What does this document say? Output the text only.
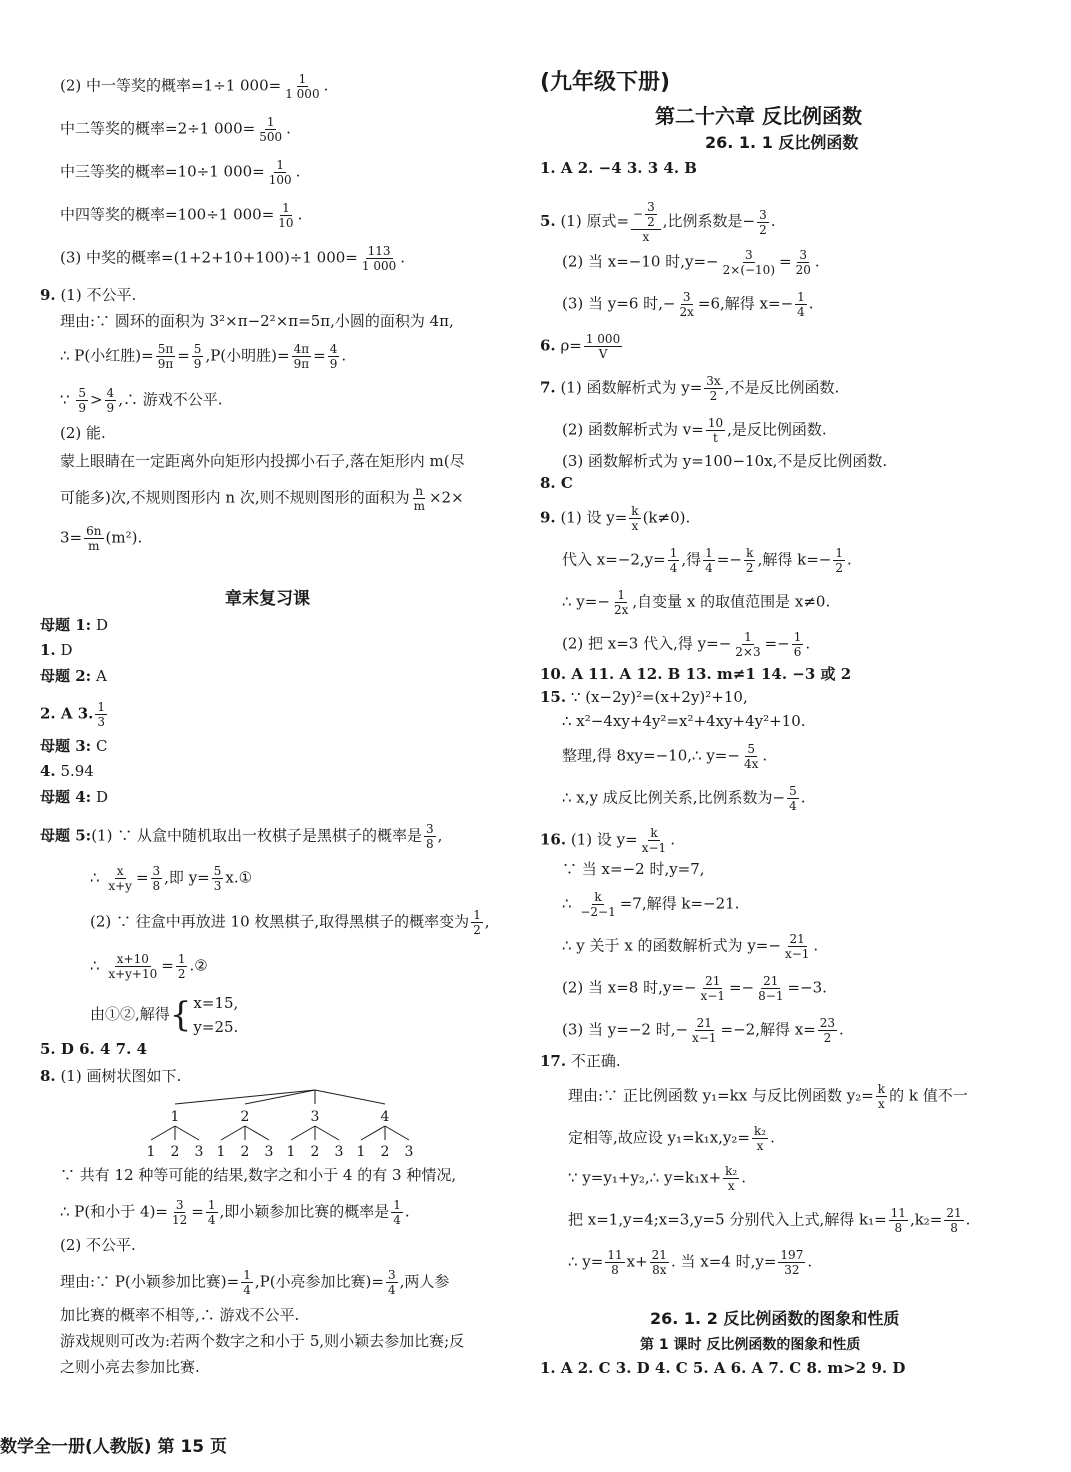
(2) 中一等奖的概率=1÷1 $000= \frac{1}{1 000}$ .
中二等奖的概率=2÷1 $000= \frac{1}{500}$ .
中三等奖的概率=10÷1 $000= \frac{1}{100}$ .
中四等奖的概率=100÷1 $000= \frac{1}{10}$ .
(3) 中奖的概率=(1+2+10+100)÷1 $000= \frac{113}{1 000}$ .
9. (1) 不公平.
理由:∵ 圆环的面积为 3²×π−2²×π=5π,小圆的面积为 4π,
∴ P(小红胜)= $\frac{5\pi}{9\pi} = \frac{5}{9} ,P$(小明胜)= $\frac{4\pi}{9\pi} = \frac{4}{9}$ .
∵ $\frac{5}{9} > \frac{4}{9}$ ,∴ 游戏不公平.
(2) 能.
蒙上眼睛在一定距离外向矩形内投掷小石子,落在矩形内 m(尽
可能多)次,不规则图形内 n 次,则不规则图形的面积为 $\frac{n}{m} \times 2\times$
$3= \frac{6n}{m} (m^2)$.
章末复习课
母题 1: D
1. D
母题 2: A
2. A 3. $\frac{1}{3}$
母题 3: C
4. 5.94
母题 4: D
母题 5:(1) ∵ 从盒中随机取出一枚棋子是黑棋子的概率是 $\frac{3}{8}$ ,
∴ $\frac{x}{x+y} = \frac{3}{8}$ ,即 $y= \frac{5}{3}$ x.①
(2) ∵ 往盒中再放进 10 枚黑棋子,取得黑棋子的概率变为 $\frac{1}{2}$ ,
∴ $\frac{x+10}{x+y+10} = \frac{1}{2}$ .②
由①②,解得{ x=15,
y=25.
5. D 6. 4 7. 4
8. (1) 画树状图如下.
1
1 2 3
2
1 2 3
3
1 2 3
4
1 2 3
∵ 共有 12 种等可能的结果,数字之和小于 4 的有 3 种情况,
∴ P(和小于 $4)= \frac{3}{12} = \frac{1}{4}$ ,即小颖参加比赛的概率是 $\frac{1}{4}$ .
(2) 不公平.
理由:∵ P(小颖参加比赛)= $\frac{1}{4} ,P$(小亮参加比赛)= $\frac{3}{4}$ ,两人参
加比赛的概率不相等,∴ 游戏不公平.
游戏规则可改为:若两个数字之和小于 5,则小颖去参加比赛;反
之则小亮去参加比赛.
(九年级下册)
第二十六章 反比例函数
26. 1. 1 反比例函数
1. A 2. −4 3. 3 4. B
5. (1) 原式= $\frac{- \frac{3}{2}}{x}$ ,比例系数是− $\frac{3}{2}$ .
(2) 当 x=−10 时$,y=- \frac{3}{2\times(-10)} = \frac{3}{20}$ .
(3) 当 y=6 时,− $\frac{3}{2x} =6$,解得 $x=- \frac{1}{4}$ .
6. $\rho= \frac{1 000}{V}$
7. (1) 函数解析式为 $y= \frac{3x}{2}$ ,不是反比例函数.
(2) 函数解析式为 $v= \frac{10}{t}$ ,是反比例函数.
(3) 函数解析式为 y=100−10x,不是反比例函数.
8. C
9. (1) 设 $y= \frac{k}{x} (k\ne 0)$.
代入 $x=-2,y= \frac{1}{4}$ ,得 $\frac{1}{4} =- \frac{k}{2}$ ,解得 $k=- \frac{1}{2}$ .
∴ $y=- \frac{1}{2x}$ ,自变量 x 的取值范围是 x≠0.
(2) 把 x=3 代入,得 $y=- \frac{1}{2\times 3} =- \frac{1}{6}$ .
10. A 11. A 12. B 13. m≠1 14. −3 或 2
15. ∵ (x−2y)²=(x+2y)²+10,
∴ x²−4xy+4y²=x²+4xy+4y²+10.
整理,得 8xy=−10,∴ $y=- \frac{5}{4x}$ .
∴ x,y 成反比例关系,比例系数为− $\frac{5}{4}$ .
16. (1) 设 $y= \frac{k}{x-1}$ .
∵ 当 x=−2 时,y=7,
∴ $\frac{k}{-2-1} =7$,解得 k=−21.
∴ y 关于 x 的函数解析式为 $y=- \frac{21}{x-1}$ .
(2) 当 x=8 时$,y=- \frac{21}{x-1} =- \frac{21}{8-1} =-3$.
(3) 当 y=−2 时,− $\frac{21}{x-1} =-2$,解得 $x= \frac{23}{2}$ .
17. 不正确.
理由:∵ 正比例函数 y₁=kx 与反比例函数 $y_2= \frac{k}{x}$ 的 k 值不一
定相等,故应设 $y_1=k_1x,y_2= \frac{\text{k₂}}{x}$ .
∵ y=y₁+y₂,∴ $y=k_1x+ \frac{\text{k₂}}{x}$ .
把 x=1,y=4;x=3,y=5 分别代入上式,解得 $k_1= \frac{11}{8} ,k_2= \frac{21}{8}$ .
∴ $y= \frac{11}{8} x+ \frac{21}{8x}$ . 当 x=4 时$,y= \frac{197}{32}$ .
26. 1. 2 反比例函数的图象和性质
第 1 课时 反比例函数的图象和性质
1. A 2. C 3. D 4. C 5. A 6. A 7. C 8. m>2 9. D
数学全一册(人教版) 第 15 页
